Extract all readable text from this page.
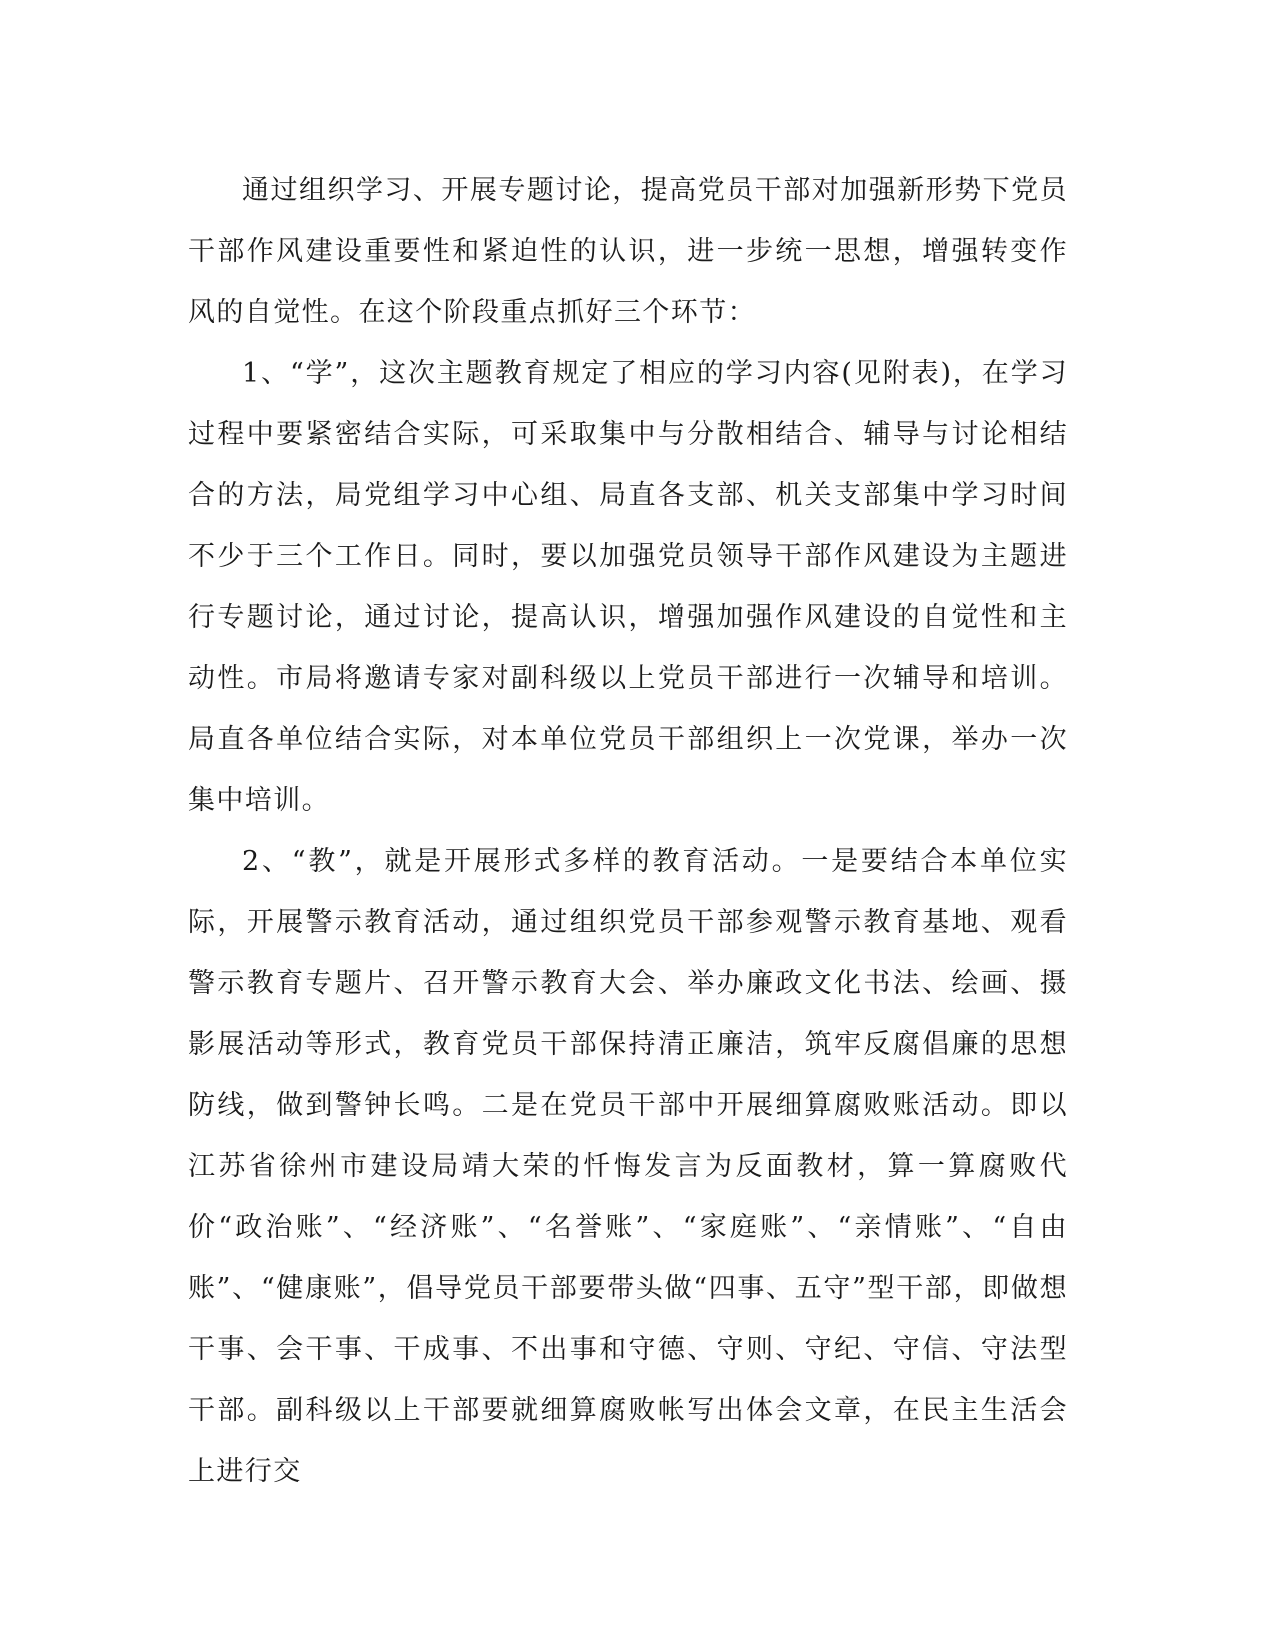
通过组织学习、开展专题讨论，提高党员干部对加强新形势下党员干部作风建设重要性和紧迫性的认识，进一步统一思想，增强转变作风的自觉性。在这个阶段重点抓好三个环节：

1、“学”，这次主题教育规定了相应的学习内容(见附表)，在学习过程中要紧密结合实际，可采取集中与分散相结合、辅导与讨论相结合的方法，局党组学习中心组、局直各支部、机关支部集中学习时间不少于三个工作日。同时，要以加强党员领导干部作风建设为主题进行专题讨论，通过讨论，提高认识，增强加强作风建设的自觉性和主动性。市局将邀请专家对副科级以上党员干部进行一次辅导和培训。局直各单位结合实际，对本单位党员干部组织上一次党课，举办一次集中培训。

2、“教”，就是开展形式多样的教育活动。一是要结合本单位实际，开展警示教育活动，通过组织党员干部参观警示教育基地、观看警示教育专题片、召开警示教育大会、举办廉政文化书法、绘画、摄影展活动等形式，教育党员干部保持清正廉洁，筑牢反腐倡廉的思想防线，做到警钟长鸣。二是在党员干部中开展细算腐败账活动。即以江苏省徐州市建设局靖大荣的忏悔发言为反面教材，算一算腐败代价“政治账”、“经济账”、“名誉账”、“家庭账”、“亲情账”、“自由账”、“健康账”，倡导党员干部要带头做“四事、五守”型干部，即做想干事、会干事、干成事、不出事和守德、守则、守纪、守信、守法型干部。副科级以上干部要就细算腐败帐写出体会文章，在民主生活会上进行交
